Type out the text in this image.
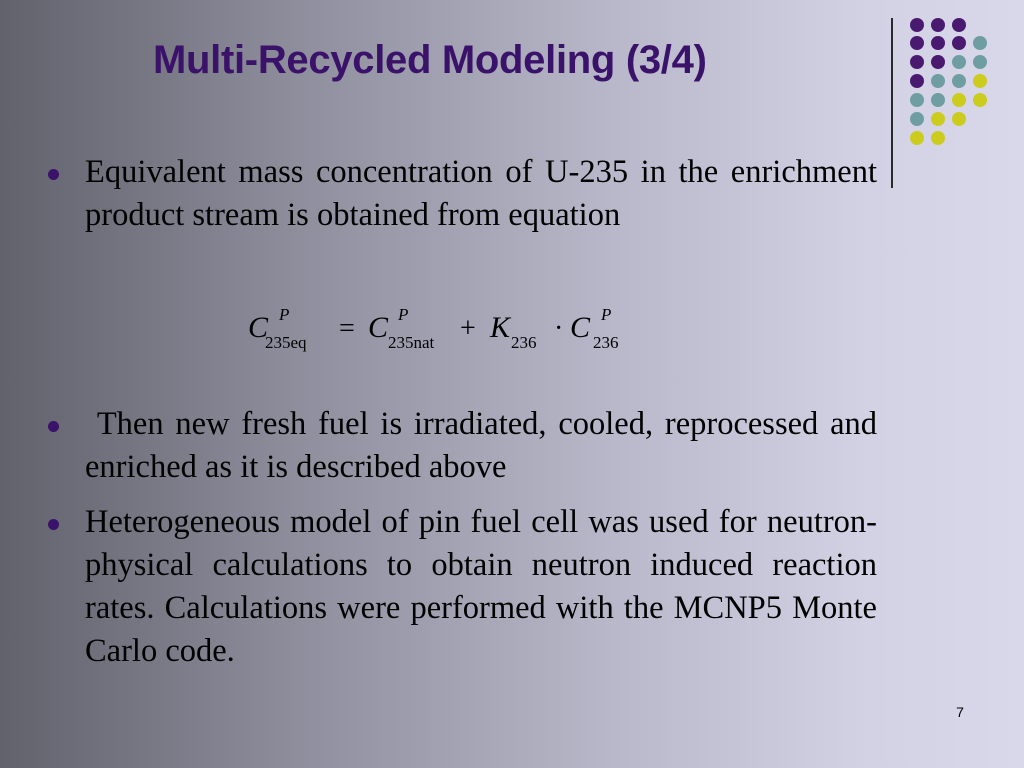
Multi-Recycled Modeling (3/4)
Equivalent mass concentration of U-235 in the enrichment product stream is obtained from equation
C P
235eq = C P
235nat + K 236 · C P
236
Then new fresh fuel is irradiated, cooled, reprocessed and enriched as it is described above
Heterogeneous model of pin fuel cell was used for neutron-physical calculations to obtain neutron induced reaction rates. Calculations were performed with the MCNP5 Monte Carlo code.
7
